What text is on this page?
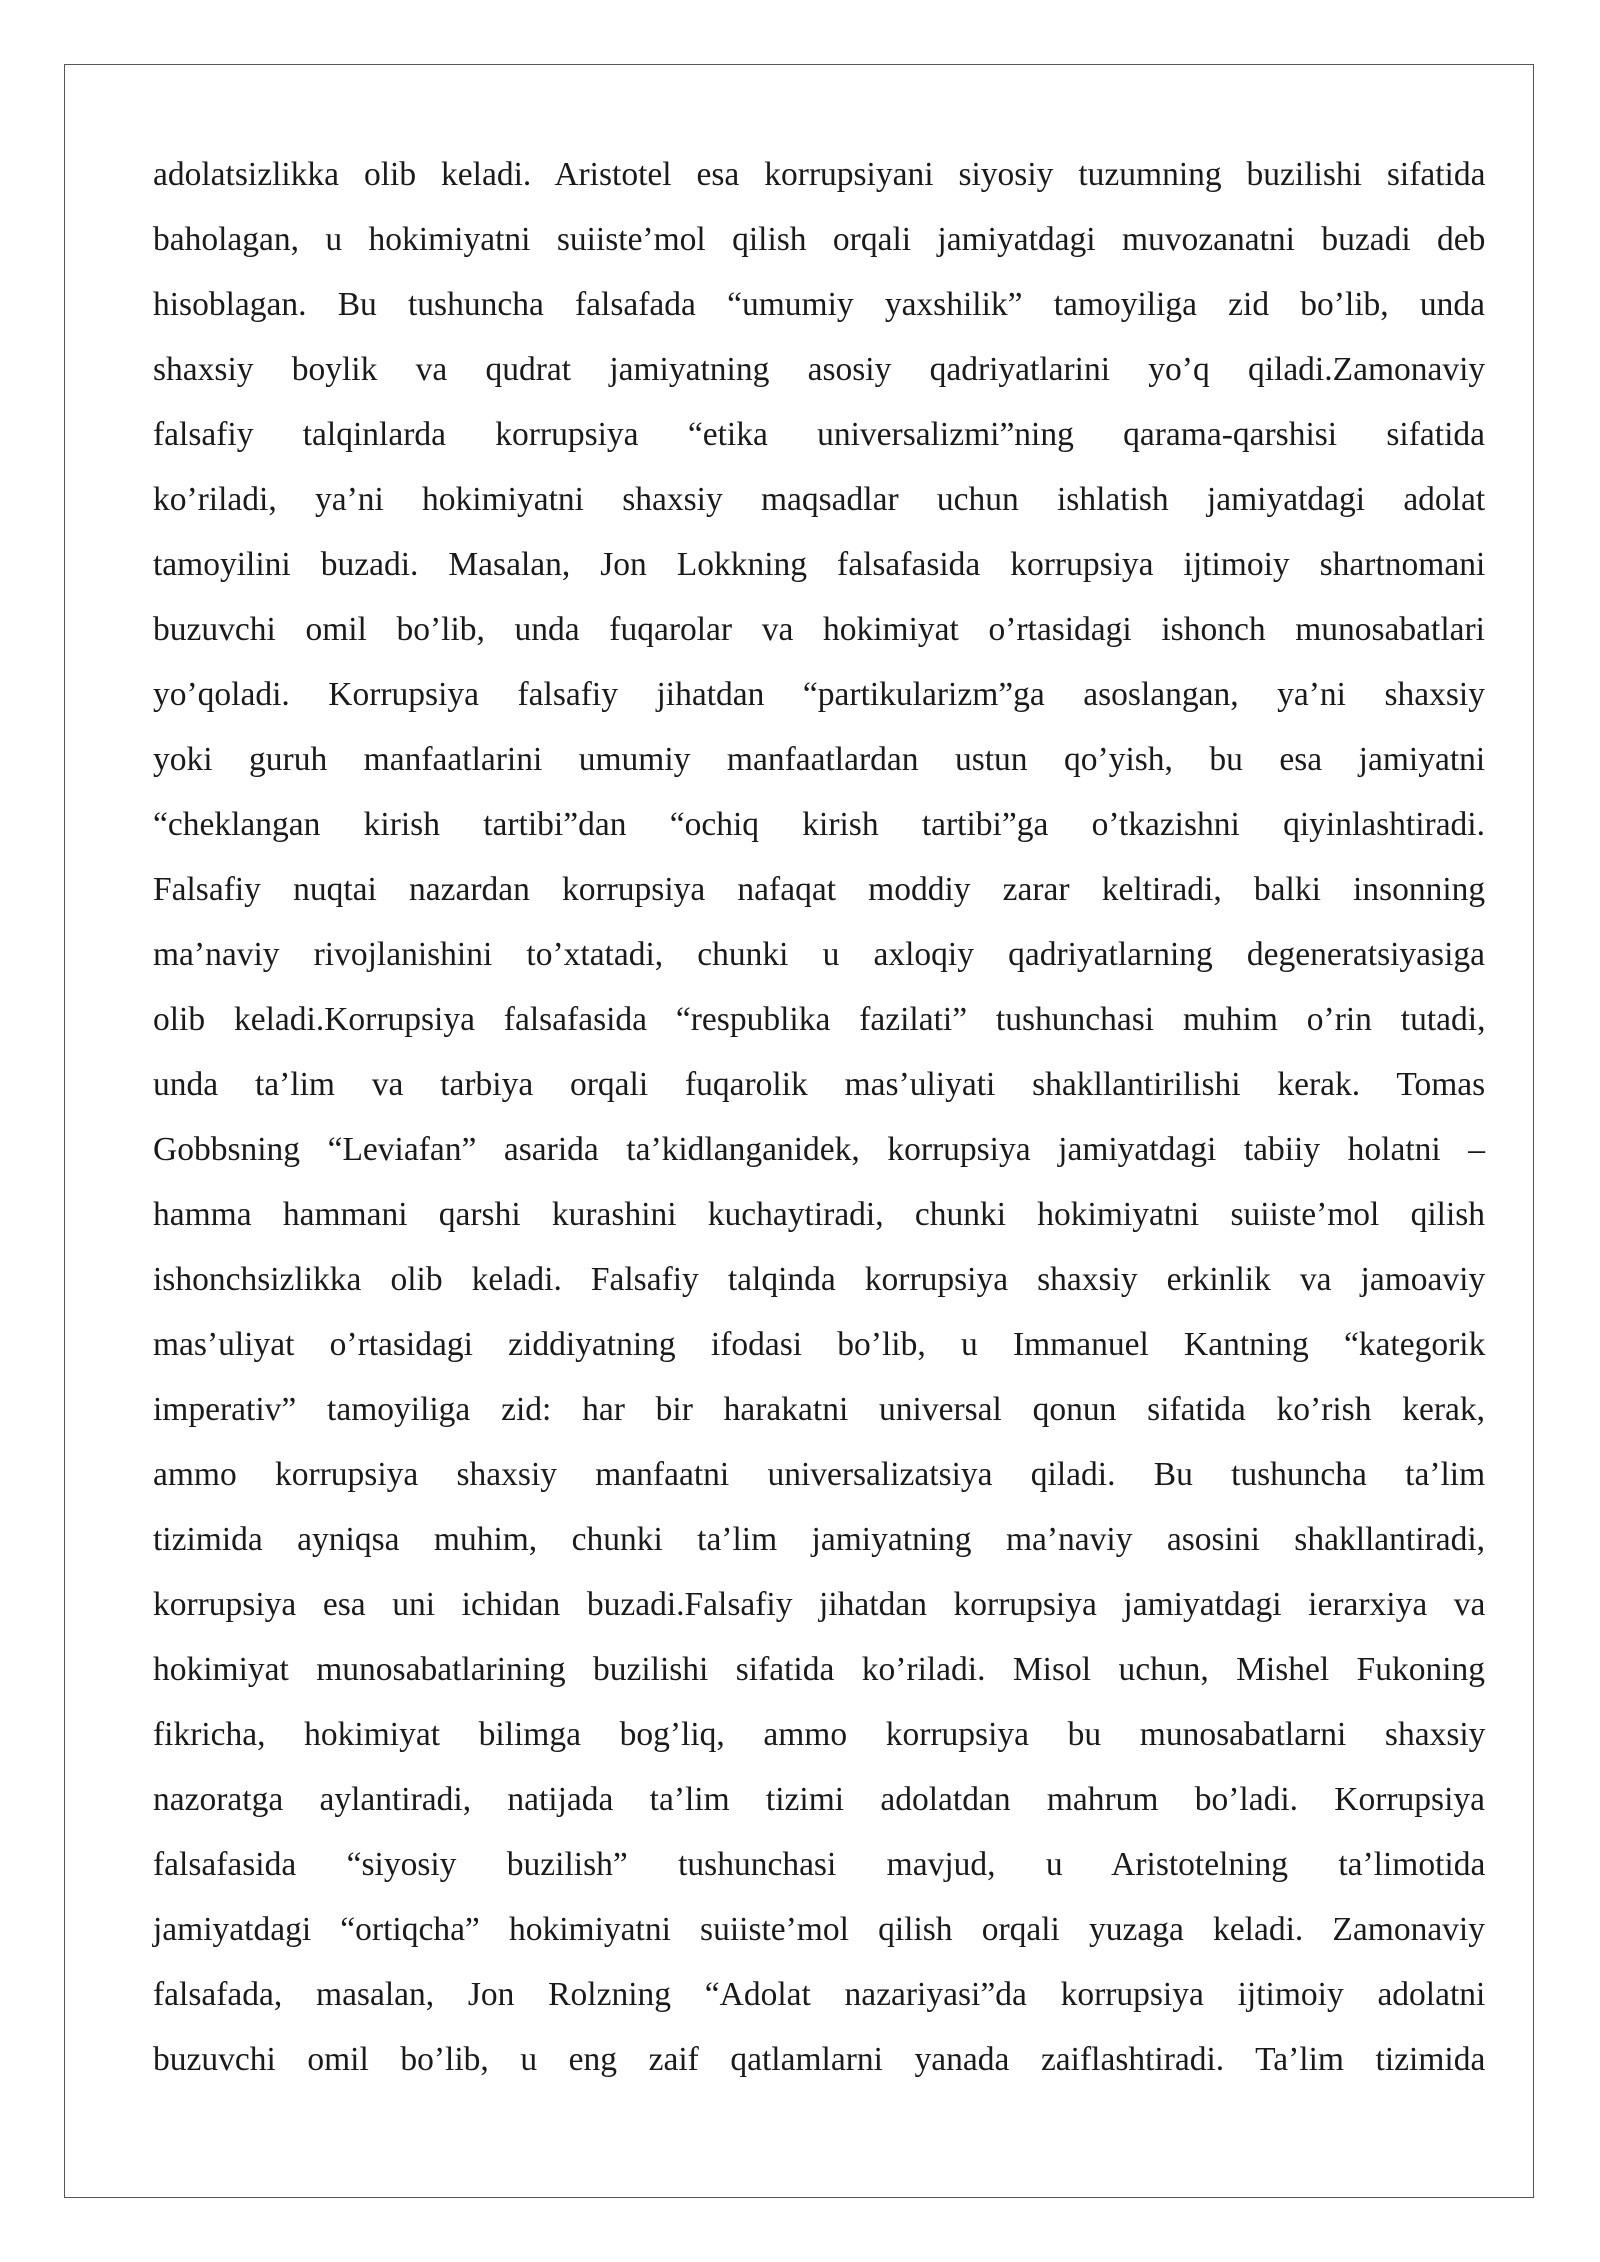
adolatsizlikka olib keladi. Aristotel esa korrupsiyani siyosiy tuzumning buzilishi sifatida
baholagan, u hokimiyatni suiiste’mol qilish orqali jamiyatdagi muvozanatni buzadi deb
hisoblagan. Bu tushuncha falsafada “umumiy yaxshilik” tamoyiliga zid bo’lib, unda
shaxsiy boylik va qudrat jamiyatning asosiy qadriyatlarini yo’q qiladi.Zamonaviy
falsafiy talqinlarda korrupsiya “etika universalizmi”ning qarama-qarshisi sifatida
ko’riladi, ya’ni hokimiyatni shaxsiy maqsadlar uchun ishlatish jamiyatdagi adolat
tamoyilini buzadi. Masalan, Jon Lokkning falsafasida korrupsiya ijtimoiy shartnomani
buzuvchi omil bo’lib, unda fuqarolar va hokimiyat o’rtasidagi ishonch munosabatlari
yo’qoladi. Korrupsiya falsafiy jihatdan “partikularizm”ga asoslangan, ya’ni shaxsiy
yoki guruh manfaatlarini umumiy manfaatlardan ustun qo’yish, bu esa jamiyatni
“cheklangan kirish tartibi”dan “ochiq kirish tartibi”ga o’tkazishni qiyinlashtiradi.
Falsafiy nuqtai nazardan korrupsiya nafaqat moddiy zarar keltiradi, balki insonning
ma’naviy rivojlanishini to’xtatadi, chunki u axloqiy qadriyatlarning degeneratsiyasiga
olib keladi.Korrupsiya falsafasida “respublika fazilati” tushunchasi muhim o’rin tutadi,
unda ta’lim va tarbiya orqali fuqarolik mas’uliyati shakllantirilishi kerak. Tomas
Gobbsning “Leviafan” asarida ta’kidlanganidek, korrupsiya jamiyatdagi tabiiy holatni –
hamma hammani qarshi kurashini kuchaytiradi, chunki hokimiyatni suiiste’mol qilish
ishonchsizlikka olib keladi. Falsafiy talqinda korrupsiya shaxsiy erkinlik va jamoaviy
mas’uliyat o’rtasidagi ziddiyatning ifodasi bo’lib, u Immanuel Kantning “kategorik
imperativ” tamoyiliga zid: har bir harakatni universal qonun sifatida ko’rish kerak,
ammo korrupsiya shaxsiy manfaatni universalizatsiya qiladi. Bu tushuncha ta’lim
tizimida ayniqsa muhim, chunki ta’lim jamiyatning ma’naviy asosini shakllantiradi,
korrupsiya esa uni ichidan buzadi.Falsafiy jihatdan korrupsiya jamiyatdagi ierarxiya va
hokimiyat munosabatlarining buzilishi sifatida ko’riladi. Misol uchun, Mishel Fukoning
fikricha, hokimiyat bilimga bog’liq, ammo korrupsiya bu munosabatlarni shaxsiy
nazoratga aylantiradi, natijada ta’lim tizimi adolatdan mahrum bo’ladi. Korrupsiya
falsafasida “siyosiy buzilish” tushunchasi mavjud, u Aristotelning ta’limotida
jamiyatdagi “ortiqcha” hokimiyatni suiiste’mol qilish orqali yuzaga keladi. Zamonaviy
falsafada, masalan, Jon Rolzning “Adolat nazariyasi”da korrupsiya ijtimoiy adolatni
buzuvchi omil bo’lib, u eng zaif qatlamlarni yanada zaiflashtiradi. Ta’lim tizimida
